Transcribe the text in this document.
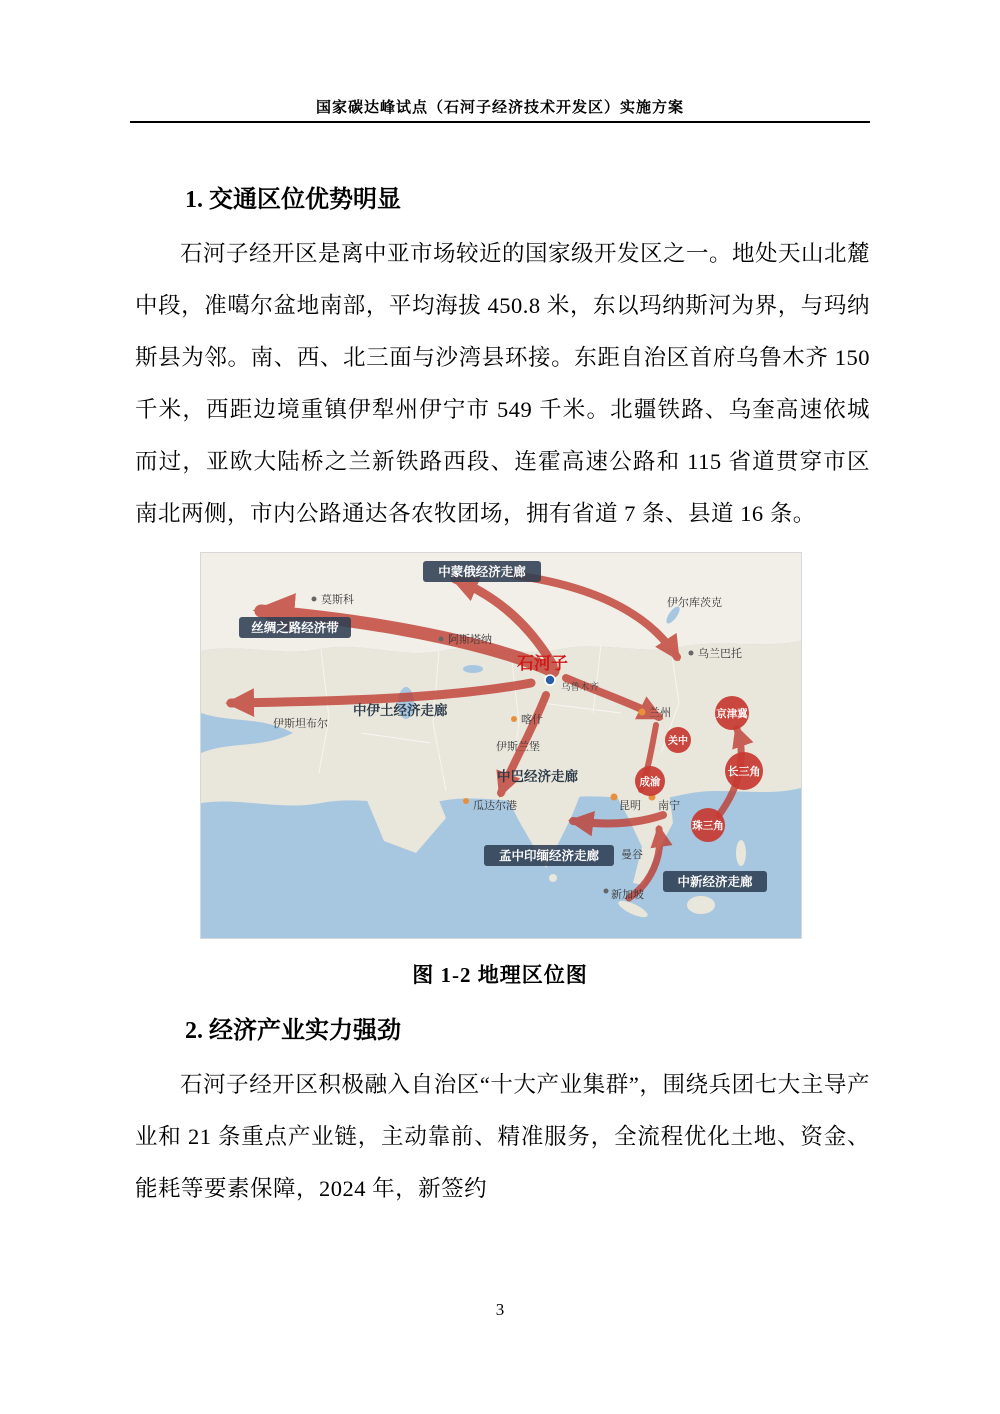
国家碳达峰试点（石河子经济技术开发区）实施方案
1. 交通区位优势明显

石河子经开区是离中亚市场较近的国家级开发区之一。地处天山北麓中段，准噶尔盆地南部，平均海拔 450.8 米，东以玛纳斯河为界，与玛纳斯县为邻。南、西、北三面与沙湾县环接。东距自治区首府乌鲁木齐 150 千米，西距边境重镇伊犁州伊宁市 549 千米。北疆铁路、乌奎高速依城而过，亚欧大陆桥之兰新铁路西段、连霍高速公路和 115 省道贯穿市区南北两侧，市内公路通达各农牧团场，拥有省道 7 条、县道 16 条。

中蒙俄经济走廊
丝绸之路经济带
中伊土经济走廊
中巴经济走廊
孟中印缅经济走廊
中新经济走廊
莫斯科	伊尔库茨克
阿斯塔纳
乌兰巴托
乌鲁木齐
伊斯坦布尔	喀什
伊斯兰堡
兰州
瓜达尔港	昆明 南宁
曼谷
新加坡
石河子
京津冀
关中
长三角
成渝
珠三角
图 1-2 地理区位图
2. 经济产业实力强劲

石河子经开区积极融入自治区“十大产业集群”，围绕兵团七大主导产业和 21 条重点产业链，主动靠前、精准服务，全流程优化土地、资金、能耗等要素保障，2024 年，新签约

3
